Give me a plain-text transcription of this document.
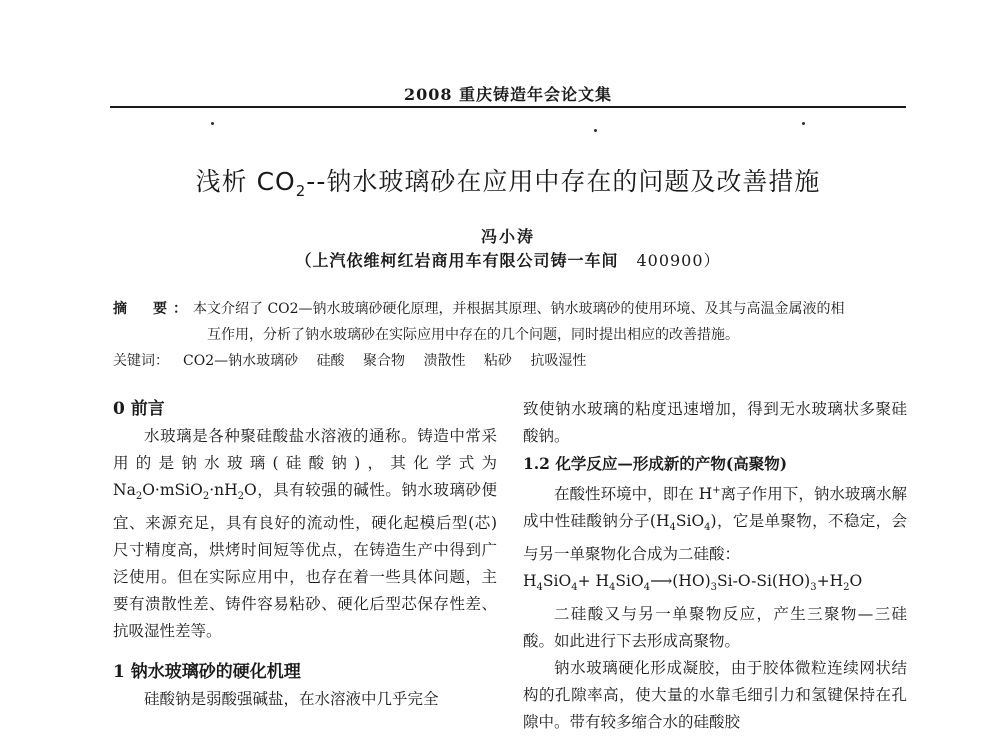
2008 重庆铸造年会论文集
浅析 $CO_2--$钠水玻璃砂在应用中存在的问题及改善措施
冯小涛
（上汽依维柯红岩商用车有限公司铸一车间 400900）
摘　要：本文介绍了 CO2—钠水玻璃砂硬化原理，并根据其原理、钠水玻璃砂的使用环境、及其与高温金属液的相
互作用，分析了钠水玻璃砂在实际应用中存在的几个问题，同时提出相应的改善措施。
关键词： CO2—钠水玻璃砂 硅酸 聚合物 溃散性 粘砂 抗吸湿性

0 前言

水玻璃是各种聚硅酸盐水溶液的通称。铸造中常采用的是钠水玻璃(硅酸钠)，其化学式为 $Na_2O\cdot mSiO_2\cdot nH_2O$，具有较强的碱性。钠水玻璃砂便宜、来源充足，具有良好的流动性，硬化起模后型(芯)尺寸精度高，烘烤时间短等优点，在铸造生产中得到广泛使用。但在实际应用中，也存在着一些具体问题，主要有溃散性差、铸件容易粘砂、硬化后型芯保存性差、抗吸湿性差等。

1 钠水玻璃砂的硬化机理

硅酸钠是弱酸强碱盐，在水溶液中几乎完全

致使钠水玻璃的粘度迅速增加，得到无水玻璃状多聚硅酸钠。

1.2 化学反应—形成新的产物(高聚物)

在酸性环境中，即在 H+离子作用下，钠水玻璃水解成中性硅酸钠分子$(H_4SiO_4)$，它是单聚物，不稳定，会与另一单聚物化合成为二硅酸：

$H_4SiO_4+$ $H_4SiO_4⟶(HO)_3Si-O-Si(HO)_3+H_2O$

二硅酸又与另一单聚物反应，产生三聚物—三硅酸。如此进行下去形成高聚物。

钠水玻璃硬化形成凝胶，由于胶体微粒连续网状结构的孔隙率高，使大量的水靠毛细引力和氢键保持在孔隙中。带有较多缩合水的硅酸胶
